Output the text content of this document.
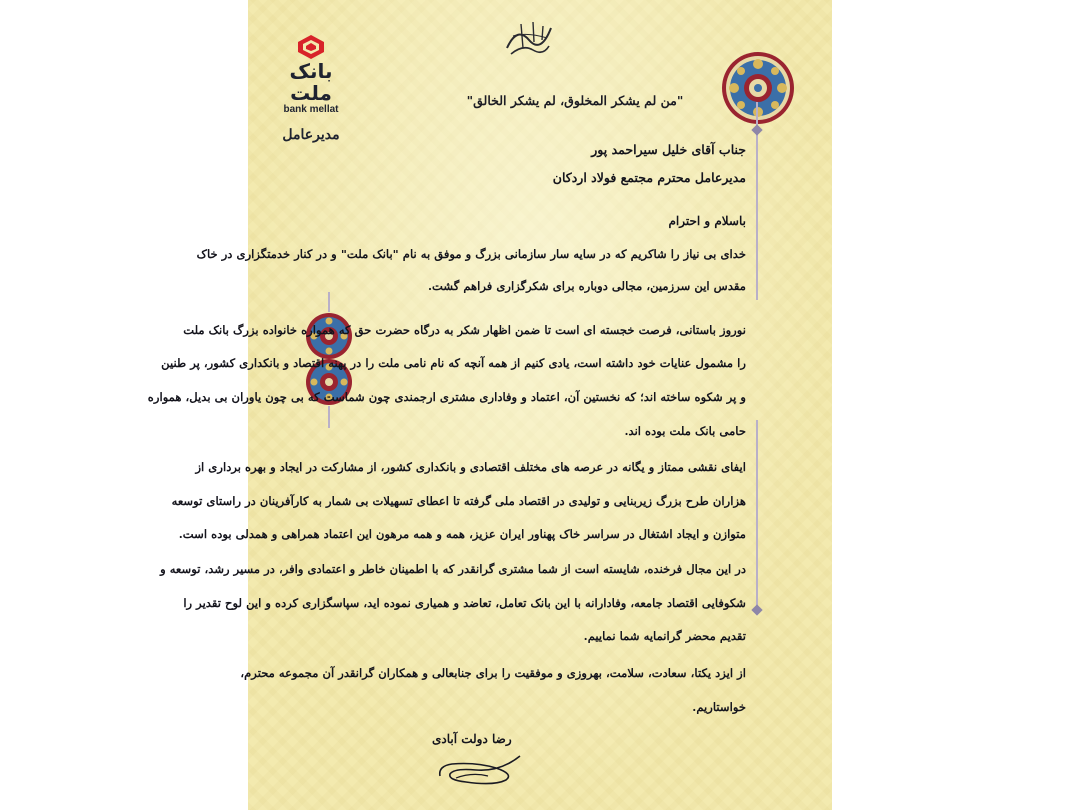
بانک ملت
bank mellat
مدیرعامل
"من لم یشکر المخلوق، لم یشکر الخالق"
جناب آقای خلیل سیراحمد پور
مدیرعامل محترم مجتمع فولاد اردکان
باسلام و احترام
خدای بی نیاز را شاکریم که در سایه سار سازمانی بزرگ و موفق به نام "بانک ملت" و در کنار خدمتگزاری در خاک
مقدس این سرزمین، مجالی دوباره برای شکرگزاری فراهم گشت.
نوروز باستانی، فرصت خجسته ای است تا ضمن اظهار شکر به درگاه حضرت حق که همواره خانواده بزرگ بانک ملت
را مشمول عنایات خود داشته است، یادی کنیم از همه آنچه که نام نامی ملت را در پهنه اقتصاد و بانکداری کشور، پر طنین
و پر شکوه ساخته اند؛ که نخستین آن، اعتماد و وفاداری مشتری ارجمندی چون شماست که بی چون یاوران بی بدیل، همواره
حامی بانک ملت بوده اند.
ایفای نقشی ممتاز و یگانه در عرصه های مختلف اقتصادی و بانکداری کشور، از مشارکت در ایجاد و بهره برداری از
هزاران طرح بزرگ زیربنایی و تولیدی در اقتصاد ملی گرفته تا اعطای تسهیلات بی شمار به کارآفرینان در راستای توسعه
متوازن و ایجاد اشتغال در سراسر خاک پهناور ایران عزیز، همه و همه مرهون این اعتماد همراهی و همدلی بوده است.
در این مجال فرخنده، شایسته است از شما مشتری گرانقدر که با اطمینان خاطر و اعتمادی وافر، در مسیر رشد، توسعه و
شکوفایی اقتصاد جامعه، وفادارانه با این بانک تعامل، تعاضد و همیاری نموده اید، سپاسگزاری کرده و این لوح تقدیر را
تقدیم محضر گرانمایه شما نماییم.
از ایزد یکتا، سعادت، سلامت، بهروزی و موفقیت را برای جنابعالی و همکاران گرانقدر آن مجموعه محترم،
خواستاریم.
رضا دولت آبادی
